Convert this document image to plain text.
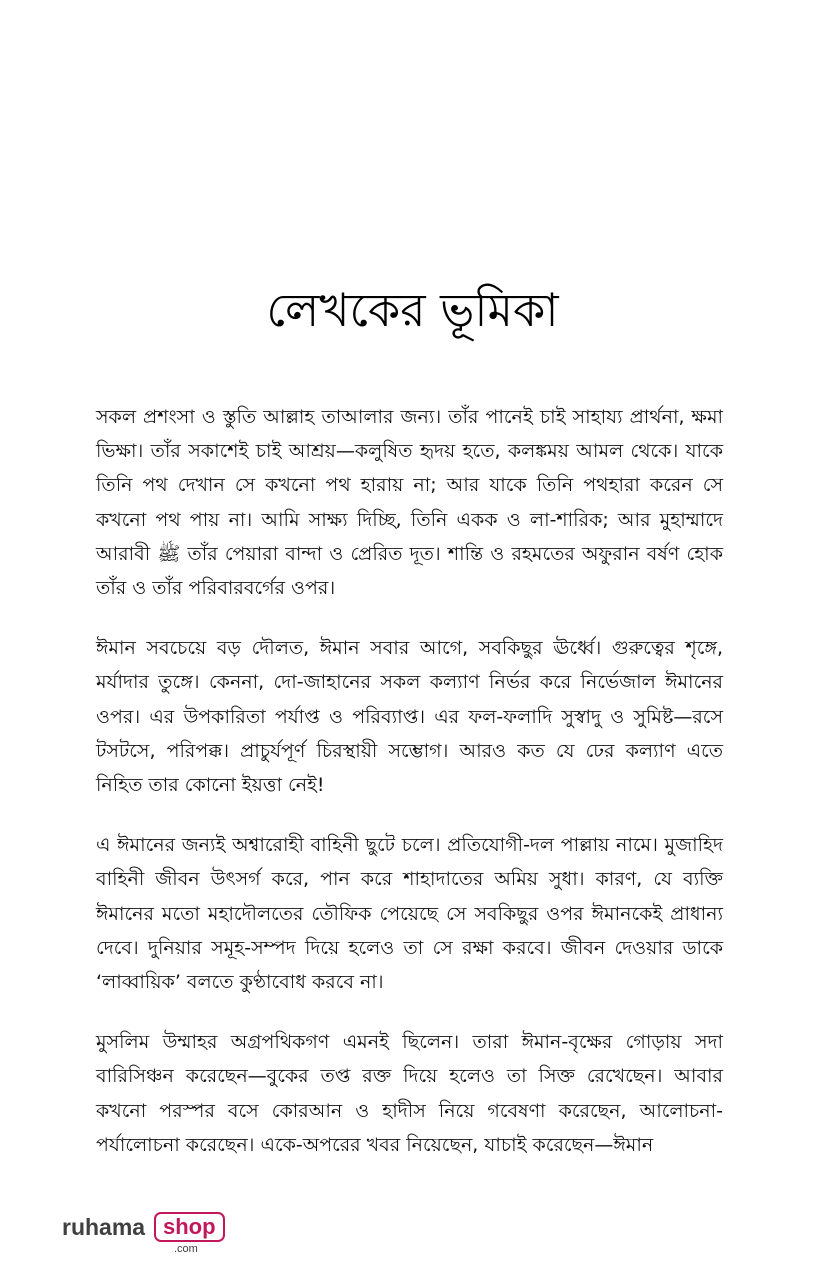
লেখকের ভূমিকা

সকল প্রশংসা ও স্তুতি আল্লাহ তাআলার জন্য। তাঁর পানেই চাই সাহায্য প্রার্থনা, ক্ষমা ভিক্ষা। তাঁর সকাশেই চাই আশ্রয়—কলুষিত হৃদয় হতে, কলঙ্কময় আমল থেকে। যাকে তিনি পথ দেখান সে কখনো পথ হারায় না; আর যাকে তিনি পথহারা করেন সে কখনো পথ পায় না। আমি সাক্ষ্য দিচ্ছি, তিনি একক ও লা-শারিক; আর মুহাম্মাদে আরাবী ﷺ তাঁর পেয়ারা বান্দা ও প্রেরিত দূত। শান্তি ও রহমতের অফুরান বর্ষণ হোক তাঁর ও তাঁর পরিবারবর্গের ওপর।

ঈমান সবচেয়ে বড় দৌলত, ঈমান সবার আগে, সবকিছুর ঊর্ধ্বে। গুরুত্বের শৃঙ্গে, মর্যাদার তুঙ্গে। কেননা, দো-জাহানের সকল কল্যাণ নির্ভর করে নির্ভেজাল ঈমানের ওপর। এর উপকারিতা পর্যাপ্ত ও পরিব্যাপ্ত। এর ফল-ফলাদি সুস্বাদু ও সুমিষ্ট—রসে টসটসে, পরিপক্ক। প্রাচুর্যপূর্ণ চিরস্থায়ী সম্ভোগ। আরও কত যে ঢের কল্যাণ এতে নিহিত তার কোনো ইয়ত্তা নেই!

এ ঈমানের জন্যই অশ্বারোহী বাহিনী ছুটে চলে। প্রতিযোগী-দল পাল্লায় নামে। মুজাহিদ বাহিনী জীবন উৎসর্গ করে, পান করে শাহাদাতের অমিয় সুধা। কারণ, যে ব্যক্তি ঈমানের মতো মহাদৌলতের তৌফিক পেয়েছে সে সবকিছুর ওপর ঈমানকেই প্রাধান্য দেবে। দুনিয়ার সমূহ-সম্পদ দিয়ে হলেও তা সে রক্ষা করবে। জীবন দেওয়ার ডাকে ‘লাব্বায়িক’ বলতে কুণ্ঠাবোধ করবে না।

মুসলিম উম্মাহর অগ্রপথিকগণ এমনই ছিলেন। তারা ঈমান-বৃক্ষের গোড়ায় সদা বারিসিঞ্চন করেছেন—বুকের তপ্ত রক্ত দিয়ে হলেও তা সিক্ত রেখেছেন। আবার কখনো পরস্পর বসে কোরআন ও হাদীস নিয়ে গবেষণা করেছেন, আলোচনা-পর্যালোচনা করেছেন। একে-অপরের খবর নিয়েছেন, যাচাই করেছেন—ঈমান

ruhama shop
.com
